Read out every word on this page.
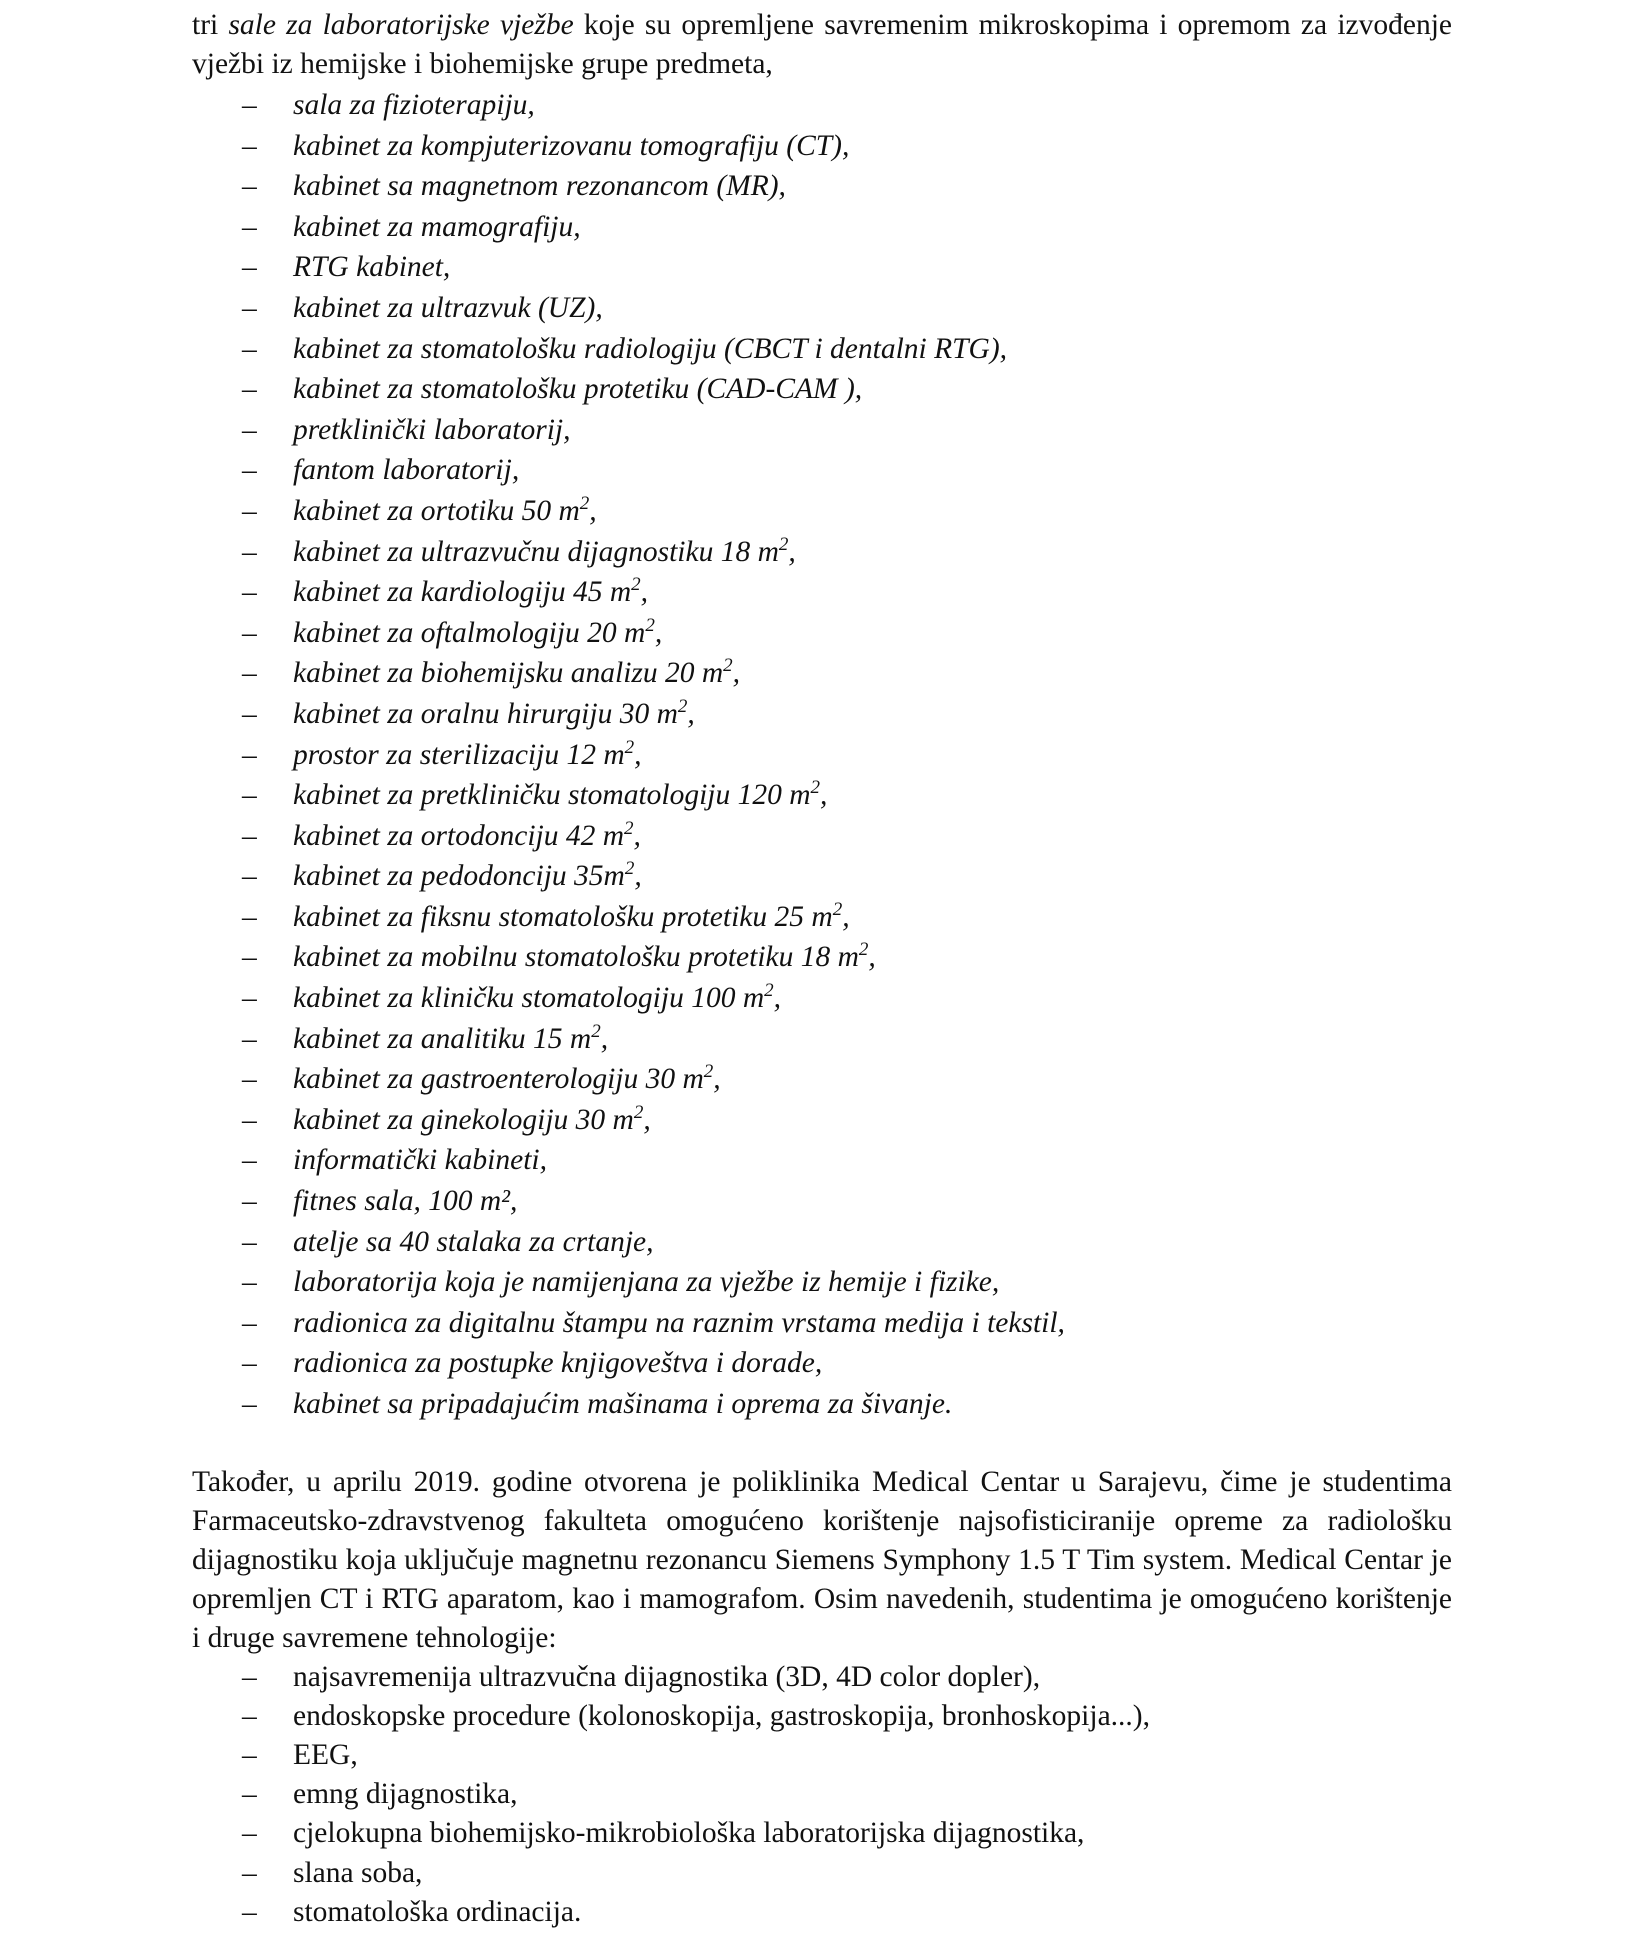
tri sale za laboratorijske vježbe koje su opremljene savremenim mikroskopima i opremom za izvođenje vježbi iz hemijske i biohemijske grupe predmeta,

– sala za fizioterapiju,
– kabinet za kompjuterizovanu tomografiju (CT),
– kabinet sa magnetnom rezonancom (MR),
– kabinet za mamografiju,
– RTG kabinet,
– kabinet za ultrazvuk (UZ),
– kabinet za stomatološku radiologiju (CBCT i dentalni RTG),
– kabinet za stomatološku protetiku (CAD-CAM ),
– pretklinički laboratorij,
– fantom laboratorij,
– kabinet za ortotiku 50 $m^2$,
– kabinet za ultrazvučnu dijagnostiku 18 $m^2$,
– kabinet za kardiologiju 45 $m^2$,
– kabinet za oftalmologiju 20 $m^2$,
– kabinet za biohemijsku analizu 20 $m^2$,
– kabinet za oralnu hirurgiju 30 $m^2$,
– prostor za sterilizaciju 12 $m^2$,
– kabinet za pretkliničku stomatologiju 120 $m^2$,
– kabinet za ortodonciju 42 $m^2$,
– kabinet za pedodonciju $35m^2$,
– kabinet za fiksnu stomatološku protetiku 25 $m^2$,
– kabinet za mobilnu stomatološku protetiku 18 $m^2$,
– kabinet za kliničku stomatologiju 100 $m^2$,
– kabinet za analitiku 15 $m^2$,
– kabinet za gastroenterologiju 30 $m^2$,
– kabinet za ginekologiju 30 $m^2$,
– informatički kabineti,
– fitnes sala, 100 m²,
– atelje sa 40 stalaka za crtanje,
– laboratorija koja je namijenjana za vježbe iz hemije i fizike,
– radionica za digitalnu štampu na raznim vrstama medija i tekstil,
– radionica za postupke knjigoveštva i dorade,
– kabinet sa pripadajućim mašinama i oprema za šivanje.

Također, u aprilu 2019. godine otvorena je poliklinika Medical Centar u Sarajevu, čime je studentima Farmaceutsko-zdravstvenog fakulteta omogućeno korištenje najsofisticiranije opreme za radiološku dijagnostiku koja uključuje magnetnu rezonancu Siemens Symphony 1.5 T Tim system. Medical Centar je opremljen CT i RTG aparatom, kao i mamografom. Osim navedenih, studentima je omogućeno korištenje i druge savremene tehnologije:

– najsavremenija ultrazvučna dijagnostika (3D, 4D color dopler),
– endoskopske procedure (kolonoskopija, gastroskopija, bronhoskopija...),
– EEG,
– emng dijagnostika,
– cjelokupna biohemijsko-mikrobiološka laboratorijska dijagnostika,
– slana soba,
– stomatološka ordinacija.
